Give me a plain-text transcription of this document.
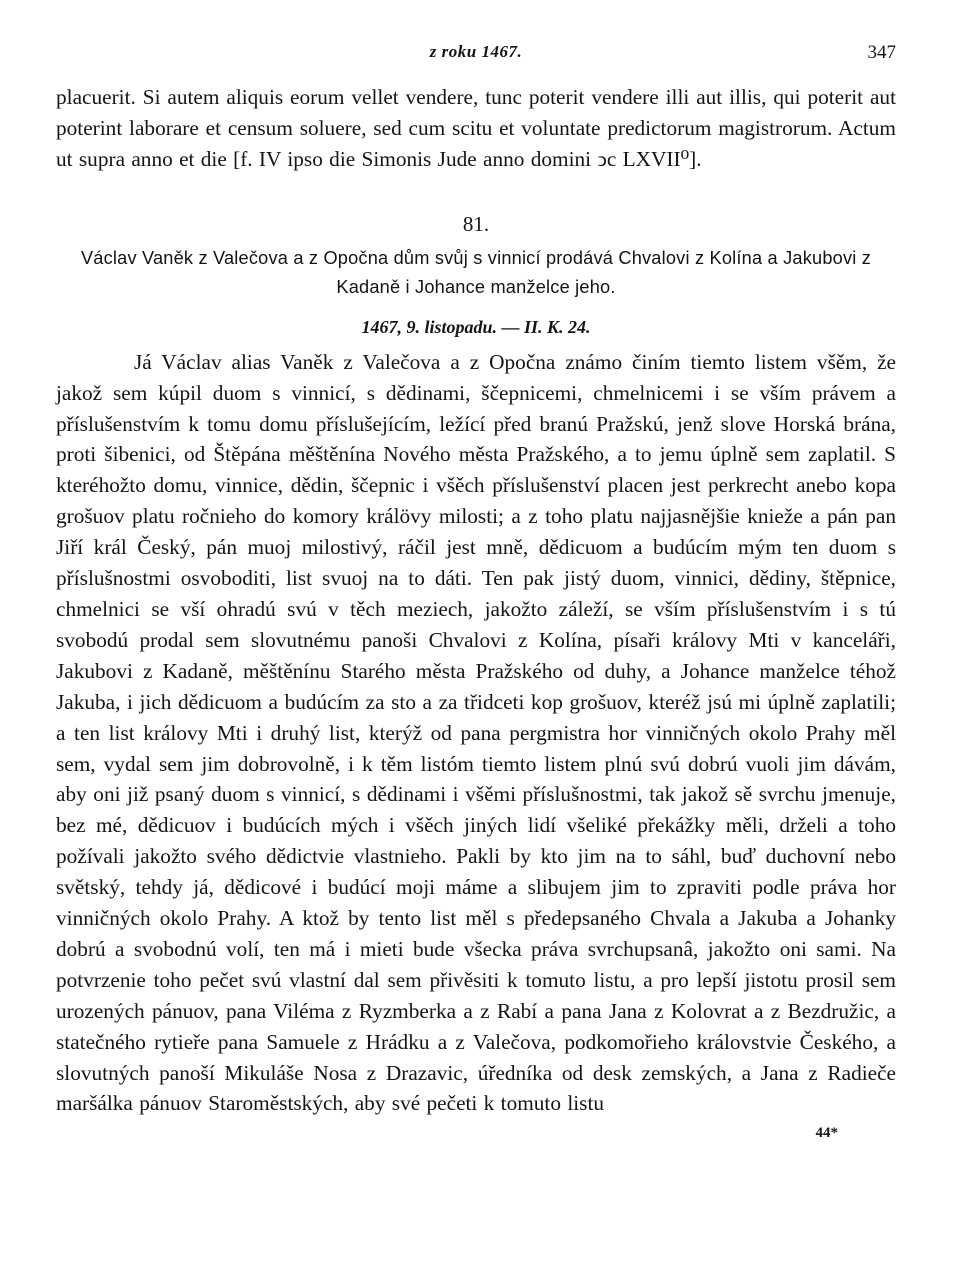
z roku 1467.	347

placuerit. Si autem aliquis eorum vellet vendere, tunc poterit vendere illi aut illis, qui poterit aut poterint laborare et censum soluere, sed cum scitu et voluntate predictorum magistrorum. Actum ut supra anno et die [f. IV ipso die Simonis Jude anno domini ↄc LXVII⁰].

81.
Václav Vaněk z Valečova a z Opočna dům svůj s vinnicí prodává Chvalovi z Kolína a Jakubovi z Kadaně i Johance manželce jeho.
1467, 9. listopadu. — II. K. 24.

Já Václav alias Vaněk z Valečova a z Opočna známo činím tiemto listem všěm, že jakož sem kúpil duom s vinnicí, s dědinami, ščepnicemi, chmelnicemi i se vším právem a příslušenstvím k tomu domu příslušejícím, ležící před branú Pražskú, jenž slove Horská brána, proti šibenici, od Štěpána měštěnína Nového města Pražského, a to jemu úplně sem zaplatil. S kteréhožto domu, vinnice, dědin, ščepnic i všěch příslušenství placen jest perkrecht anebo kopa grošuov platu ročnieho do komory králövy milosti; a z toho platu najjasnějšie knieže a pán pan Jiří král Český, pán muoj milostivý, ráčil jest mně, dědicuom a budúcím mým ten duom s příslušnostmi osvoboditi, list svuoj na to dáti. Ten pak jistý duom, vinnici, dědiny, štěpnice, chmelnici se vší ohradú svú v těch meziech, jakožto záleží, se vším příslušenstvím i s tú svobodú prodal sem slovutnému panoši Chvalovi z Kolína, písaři královy Mti v kanceláři, Jakubovi z Kadaně, měštěnínu Starého města Pražského od duhy, a Johance manželce téhož Jakuba, i jich dědicuom a budúcím za sto a za třidceti kop grošuov, kteréž jsú mi úplně zaplatili; a ten list královy Mti i druhý list, kterýž od pana pergmistra hor vinničných okolo Prahy měl sem, vydal sem jim dobrovolně, i k těm listóm tiemto listem plnú svú dobrú vuoli jim dávám, aby oni již psaný duom s vinnicí, s dědinami i všěmi příslušnostmi, tak jakož sě svrchu jmenuje, bez mé, dědicuov i budúcích mých i všěch jiných lidí všeliké překážky měli, drželi a toho požívali jakožto svého dědictvie vlastnieho. Pakli by kto jim na to sáhl, buď duchovní nebo světský, tehdy já, dědicové i budúcí moji máme a slibujem jim to zpraviti podle práva hor vinničných okolo Prahy. A ktož by tento list měl s předepsaného Chvala a Jakuba a Johanky dobrú a svobodnú volí, ten má i mieti bude všecka práva svrchupsanâ, jakožto oni sami. Na potvrzenie toho pečet svú vlastní dal sem přivěsiti k tomuto listu, a pro lepší jistotu prosil sem urozených pánuov, pana Viléma z Ryzmberka a z Rabí a pana Jana z Kolovrat a z Bezdružic, a statečného rytieře pana Samuele z Hrádku a z Valečova, podkomořieho královstvie Českého, a slovutných panoší Mikuláše Nosa z Drazavic, úředníka od desk zemských, a Jana z Radieče maršálka pánuov Staroměstských, aby své pečeti k tomuto listu

44*
